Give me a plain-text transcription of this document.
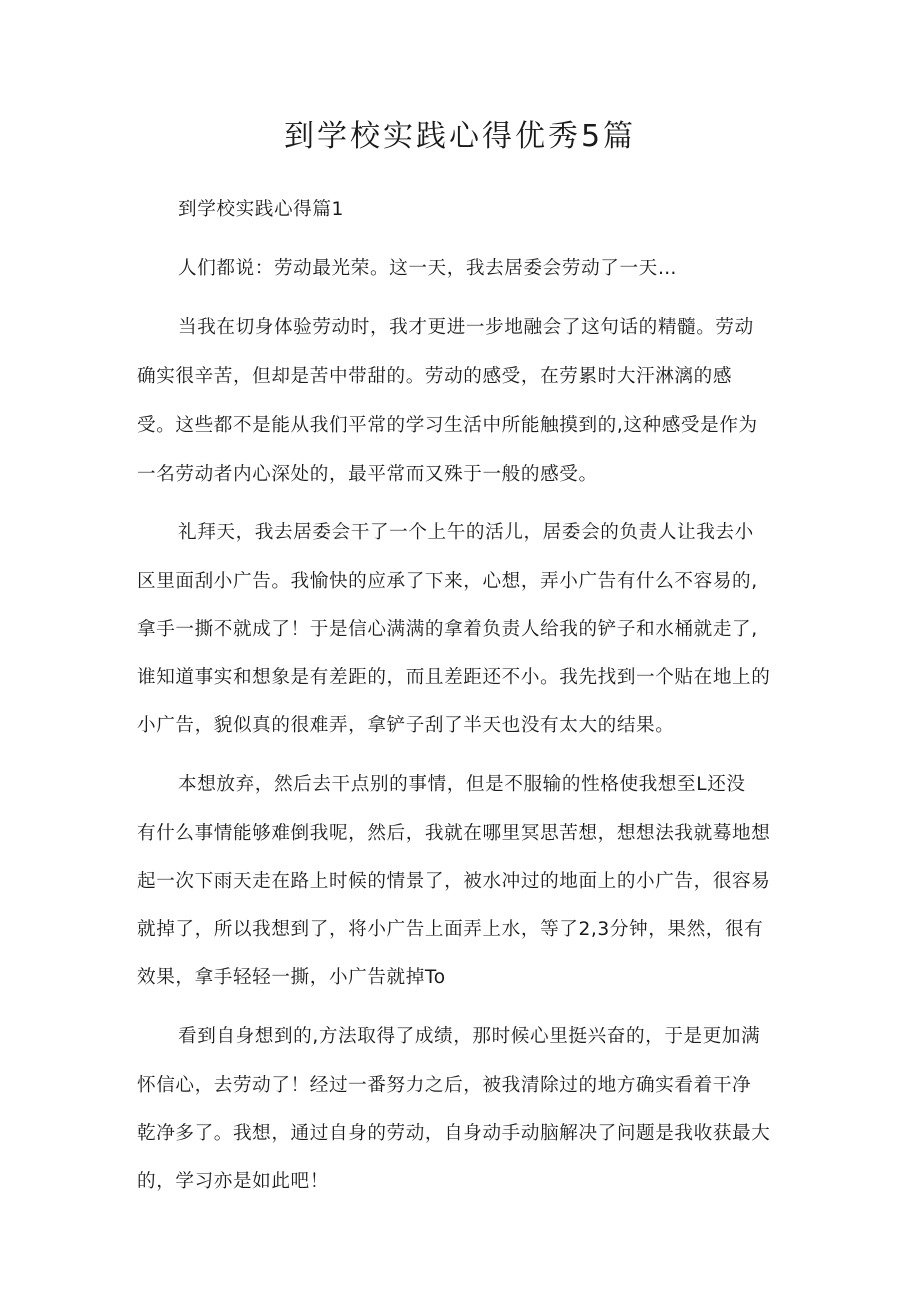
到学校实践心得优秀5篇
到学校实践心得篇1
人们都说：劳动最光荣。这一天，我去居委会劳动了一天…
当我在切身体验劳动时，我才更进一步地融会了这句话的精髓。劳动
确实很辛苦，但却是苦中带甜的。劳动的感受，在劳累时大汗淋漓的感
受。这些都不是能从我们平常的学习生活中所能触摸到的,这种感受是作为
一名劳动者内心深处的，最平常而又殊于一般的感受。
礼拜天，我去居委会干了一个上午的活儿，居委会的负责人让我去小
区里面刮小广告。我愉快的应承了下来，心想，弄小广告有什么不容易的,
拿手一撕不就成了！于是信心满满的拿着负责人给我的铲子和水桶就走了,
谁知道事实和想象是有差距的，而且差距还不小。我先找到一个贴在地上的
小广告，貌似真的很难弄，拿铲子刮了半天也没有太大的结果。
本想放弃，然后去干点别的事情，但是不服输的性格使我想至L还没
有什么事情能够难倒我呢，然后，我就在哪里冥思苦想，想想法我就蓦地想
起一次下雨天走在路上时候的情景了，被水冲过的地面上的小广告，很容易
就掉了，所以我想到了，将小广告上面弄上水，等了2,3分钟，果然，很有
效果，拿手轻轻一撕，小广告就掉To
看到自身想到的,方法取得了成绩，那时候心里挺兴奋的，于是更加满
怀信心，去劳动了！经过一番努力之后，被我清除过的地方确实看着干净
乾净多了。我想，通过自身的劳动，自身动手动脑解决了问题是我收获最大
的，学习亦是如此吧！
